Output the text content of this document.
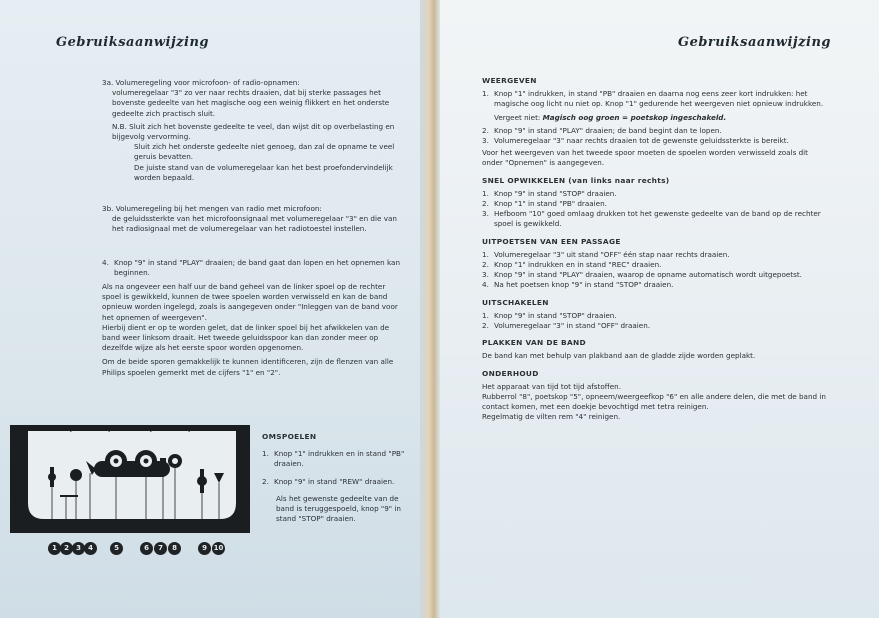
Gebruiksaanwijzing

3a. Volumeregeling voor microfoon- of radio-opnamen:

volumeregelaar "3" zo ver naar rechts draaien, dat bij sterke passages het bovenste gedeelte van het magische oog een weinig flikkert en het onderste gedeelte zich practisch sluit.

N.B. Sluit zich het bovenste gedeelte te veel, dan wijst dit op overbelasting en bijgevolg vervorming.

Sluit zich het onderste gedeelte niet genoeg, dan zal de opname te veel geruis bevatten.

De juiste stand van de volumeregelaar kan het best proefondervindelijk worden bepaald.

3b. Volumeregeling bij het mengen van radio met microfoon:

de geluidssterkte van het microfoonsignaal met volumeregelaar "3" en die van het radiosignaal met de volumeregelaar van het radiotoestel instellen.

4. Knop "9" in stand "PLAY" draaien; de band gaat dan lopen en het opnemen kan beginnen.

Als na ongeveer een half uur de band geheel van de linker spoel op de rechter spoel is gewikkeld, kunnen de twee spoelen worden verwisseld en kan de band opnieuw worden ingelegd, zoals is aangegeven onder "Inleggen van de band voor het opnemen of weergeven".

Hierbij dient er op te worden gelet, dat de linker spoel bij het afwikkelen van de band weer linksom draait. Het tweede geluidsspoor kan dan zonder meer op dezelfde wijze als het eerste spoor worden opgenomen.

Om de beide sporen gemakkelijk te kunnen identificeren, zijn de flenzen van alle Philips spoelen gemerkt met de cijfers "1" en "2".

1	2	3	4	5	6	7	8	9 10

OMSPOELEN

1. Knop "1" indrukken en in stand "PB" draaien.
2. Knop "9" in stand "REW" draaien.

Als het gewenste gedeelte van de band is teruggespoeld, knop "9" in stand "STOP" draaien.

Gebruiksaanwijzing

WEERGEVEN

1. Knop "1" indrukken, in stand "PB" draaien en daarna nog eens zeer kort indrukken: het magische oog licht nu niet op. Knop "1" gedurende het weergeven niet opnieuw indrukken.

Vergeet niet: Magisch oog groen = poetskop ingeschakeld.

2. Knop "9" in stand "PLAY" draaien; de band begint dan te lopen.
3. Volumeregelaar "3" naar rechts draaien tot de gewenste geluidssterkte is bereikt.

Voor het weergeven van het tweede spoor moeten de spoelen worden verwisseld zoals dit onder "Opnemen" is aangegeven.

SNEL OPWIKKELEN (van links naar rechts)

1. Knop "9" in stand "STOP" draaien.
2. Knop "1" in stand "PB" draaien.
3. Hefboom "10" goed omlaag drukken tot het gewenste gedeelte van de band op de rechter spoel is gewikkeld.

UITPOETSEN VAN EEN PASSAGE

1. Volumeregelaar "3" uit stand "OFF" één stap naar rechts draaien.
2. Knop "1" indrukken en in stand "REC" draaien.
3. Knop "9" in stand "PLAY" draaien, waarop de opname automatisch wordt uitgepoetst.
4. Na het poetsen knop "9" in stand "STOP" draaien.

UITSCHAKELEN

1. Knop "9" in stand "STOP" draaien.
2. Volumeregelaar "3" in stand "OFF" draaien.

PLAKKEN VAN DE BAND

De band kan met behulp van plakband aan de gladde zijde worden geplakt.

ONDERHOUD

Het apparaat van tijd tot tijd afstoffen.

Rubberrol "8", poetskop "5", opneem/weergeefkop "6" en alle andere delen, die met de band in contact komen, met een doekje bevochtigd met tetra reinigen.

Regelmatig de vilten rem "4" reinigen.
